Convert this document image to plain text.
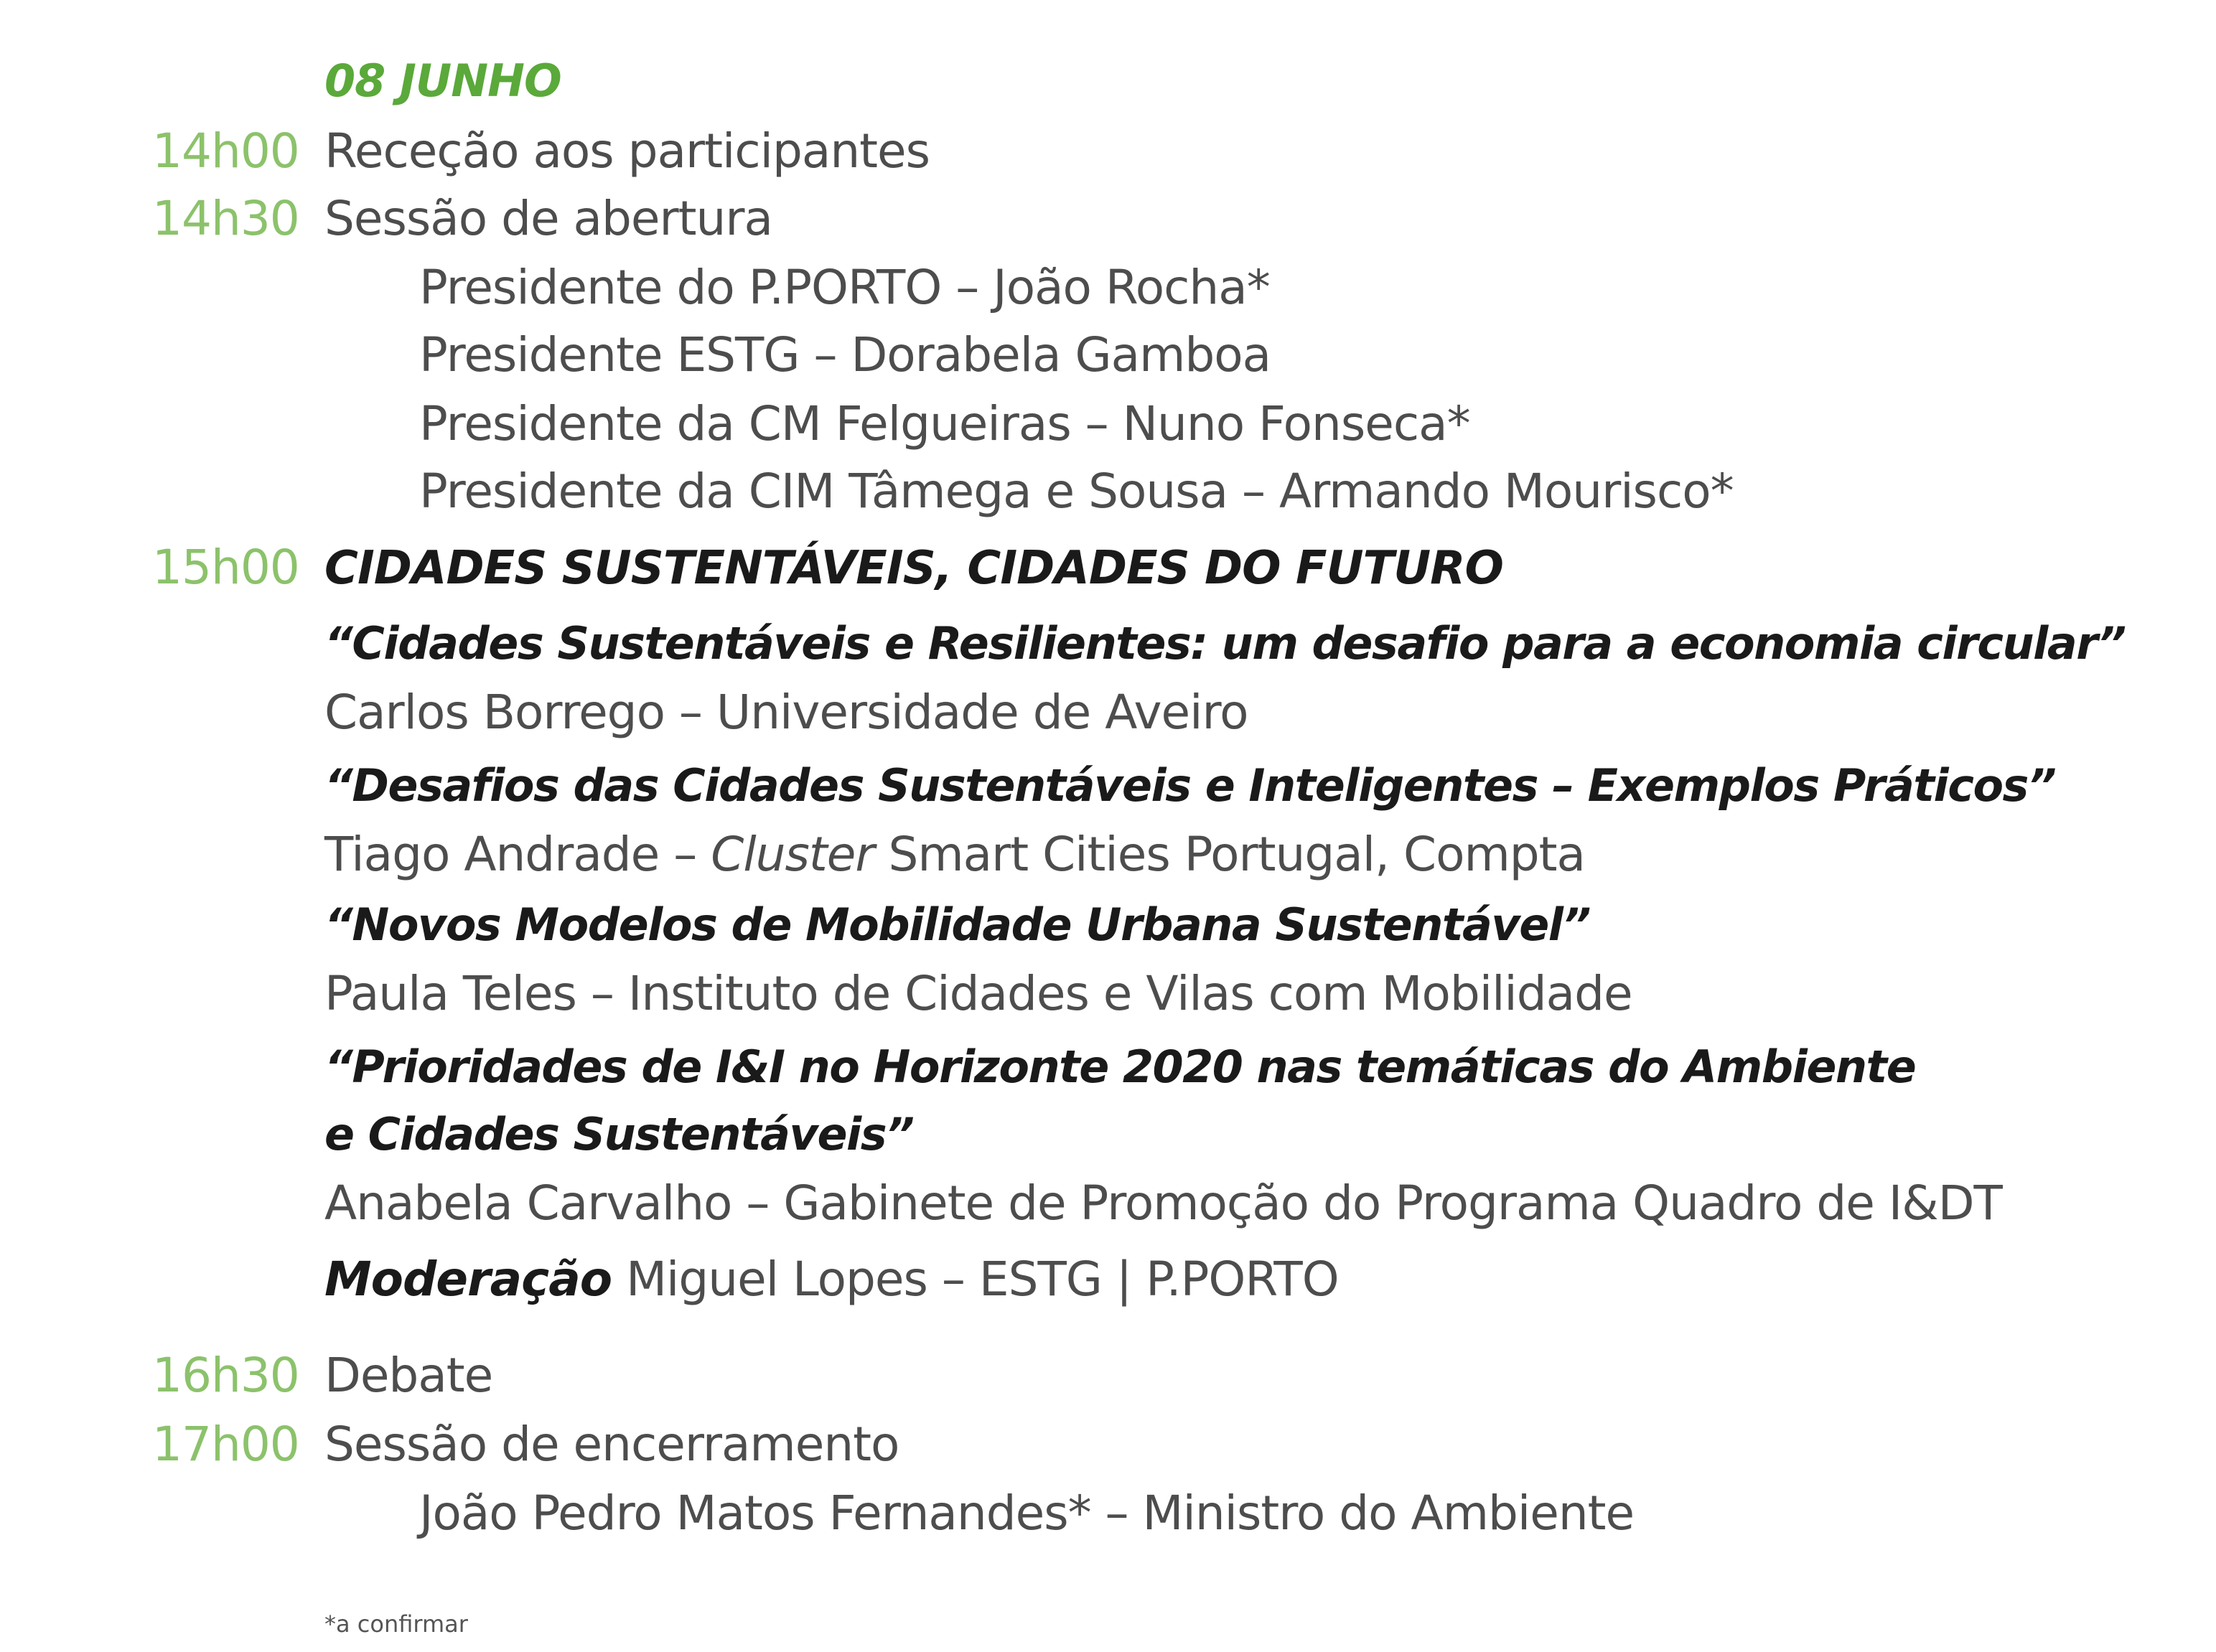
08 JUNHO
14h00 Receção aos participantes
14h30 Sessão de abertura
Presidente do P.PORTO – João Rocha*
Presidente ESTG – Dorabela Gamboa
Presidente da CM Felgueiras – Nuno Fonseca*
Presidente da CIM Tâmega e Sousa – Armando Mourisco*
15h00 CIDADES SUSTENTÁVEIS, CIDADES DO FUTURO
“Cidades Sustentáveis e Resilientes: um desafio para a economia circular”
Carlos Borrego – Universidade de Aveiro
“Desafios das Cidades Sustentáveis e Inteligentes – Exemplos Práticos”
Tiago Andrade – Cluster Smart Cities Portugal, Compta
“Novos Modelos de Mobilidade Urbana Sustentável”
Paula Teles – Instituto de Cidades e Vilas com Mobilidade
“Prioridades de I&I no Horizonte 2020 nas temáticas do Ambiente
e Cidades Sustentáveis”
Anabela Carvalho – Gabinete de Promoção do Programa Quadro de I&DT
Moderação Miguel Lopes – ESTG | P.PORTO
16h30 Debate
17h00 Sessão de encerramento
João Pedro Matos Fernandes* – Ministro do Ambiente
*a confirmar
